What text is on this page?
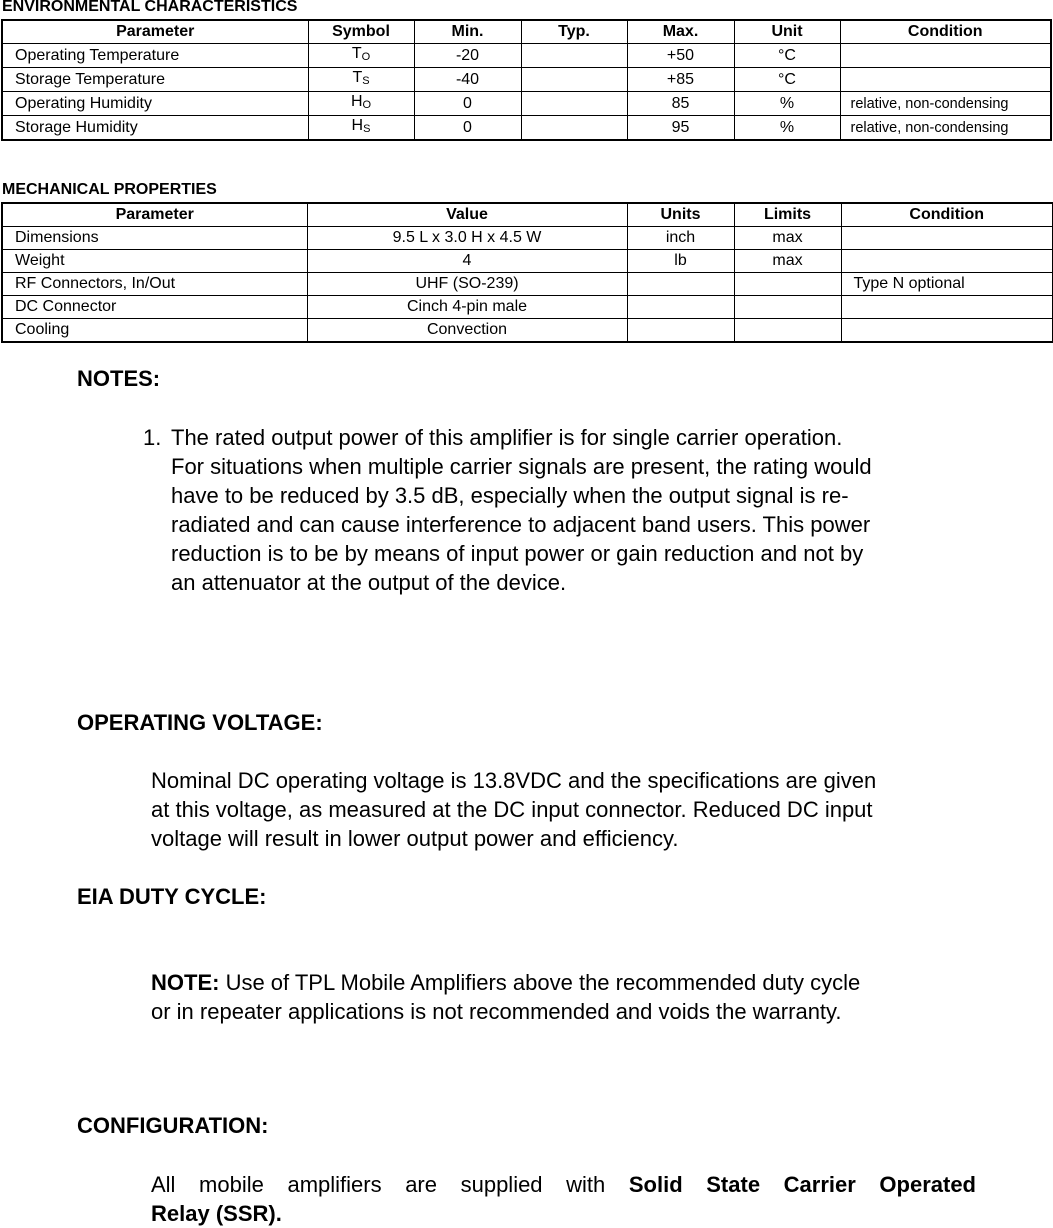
ENVIRONMENTAL CHARACTERISTICS
Parameter	Symbol	Min.	Typ.	Max.	Unit	Condition
Operating Temperature	$T_O$	-20		+50	°C	
Storage Temperature	$T_S$	-40		+85	°C	
Operating Humidity	$H_O$	0		85	%	relative, non-condensing
Storage Humidity	$H_S$	0		95	%	relative, non-condensing
MECHANICAL PROPERTIES
Parameter	Value	Units	Limits	Condition
Dimensions	9.5 L x 3.0 H x 4.5 W	inch	max	
Weight	4	lb	max	
RF Connectors, In/Out	UHF (SO-239)			Type N optional
DC Connector	Cinch 4-pin male			
Cooling	Convection			
NOTES:
1. The rated output power of this amplifier is for single carrier operation.
For situations when multiple carrier signals are present, the rating would
have to be reduced by 3.5 dB, especially when the output signal is re-
radiated and can cause interference to adjacent band users. This power
reduction is to be by means of input power or gain reduction and not by
an attenuator at the output of the device.
OPERATING VOLTAGE:
Nominal DC operating voltage is 13.8VDC and the specifications are given
at this voltage, as measured at the DC input connector. Reduced DC input
voltage will result in lower output power and efficiency.
EIA DUTY CYCLE:
NOTE: Use of TPL Mobile Amplifiers above the recommended duty cycle
or in repeater applications is not recommended and voids the warranty.
CONFIGURATION:
All mobile amplifiers are supplied with Solid State Carrier Operated
Relay (SSR).
